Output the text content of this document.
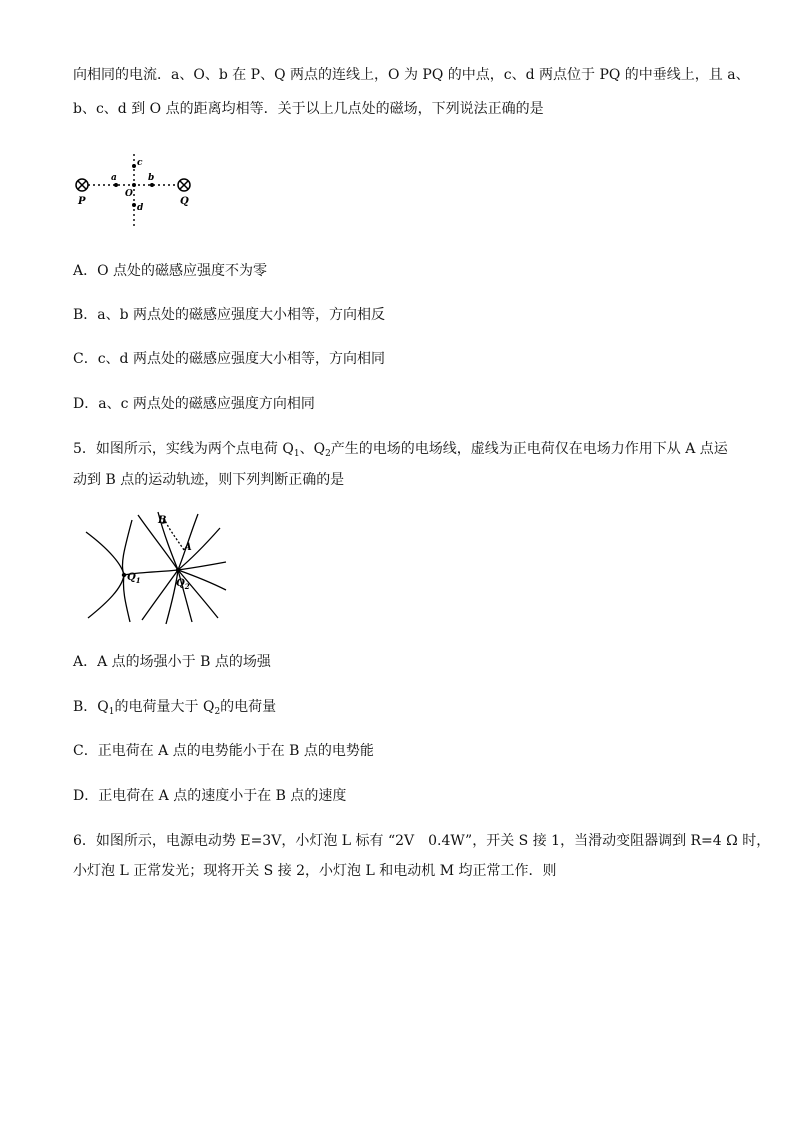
向相同的电流．a、O、b 在 P、Q 两点的连线上，O 为 PQ 的中点，c、d 两点位于 PQ 的中垂线上，且 a、
b、c、d 到 O 点的距离均相等．关于以上几点处的磁场，下列说法正确的是
P	Q
a	b
c
d
O
A．O 点处的磁感应强度不为零
B．a、b 两点处的磁感应强度大小相等，方向相反
C．c、d 两点处的磁感应强度大小相等，方向相同
D．a、c 两点处的磁感应强度方向相同
5．如图所示，实线为两个点电荷 $Q_1$、$Q_2$产生的电场的电场线，虚线为正电荷仅在电场力作用下从 A 点运
动到 B 点的运动轨迹，则下列判断正确的是
B
A
$Q_1$	$Q_2$
A．A 点的场强小于 B 点的场强
B．$Q_1$的电荷量大于 $Q_2$的电荷量
C．正电荷在 A 点的电势能小于在 B 点的电势能
D．正电荷在 A 点的速度小于在 B 点的速度
6．如图所示，电源电动势 E=3V，小灯泡 L 标有 “2V　0.4W”，开关 S 接 1，当滑动变阻器调到 R=4 Ω 时，
小灯泡 L 正常发光；现将开关 S 接 2，小灯泡 L 和电动机 M 均正常工作．则
